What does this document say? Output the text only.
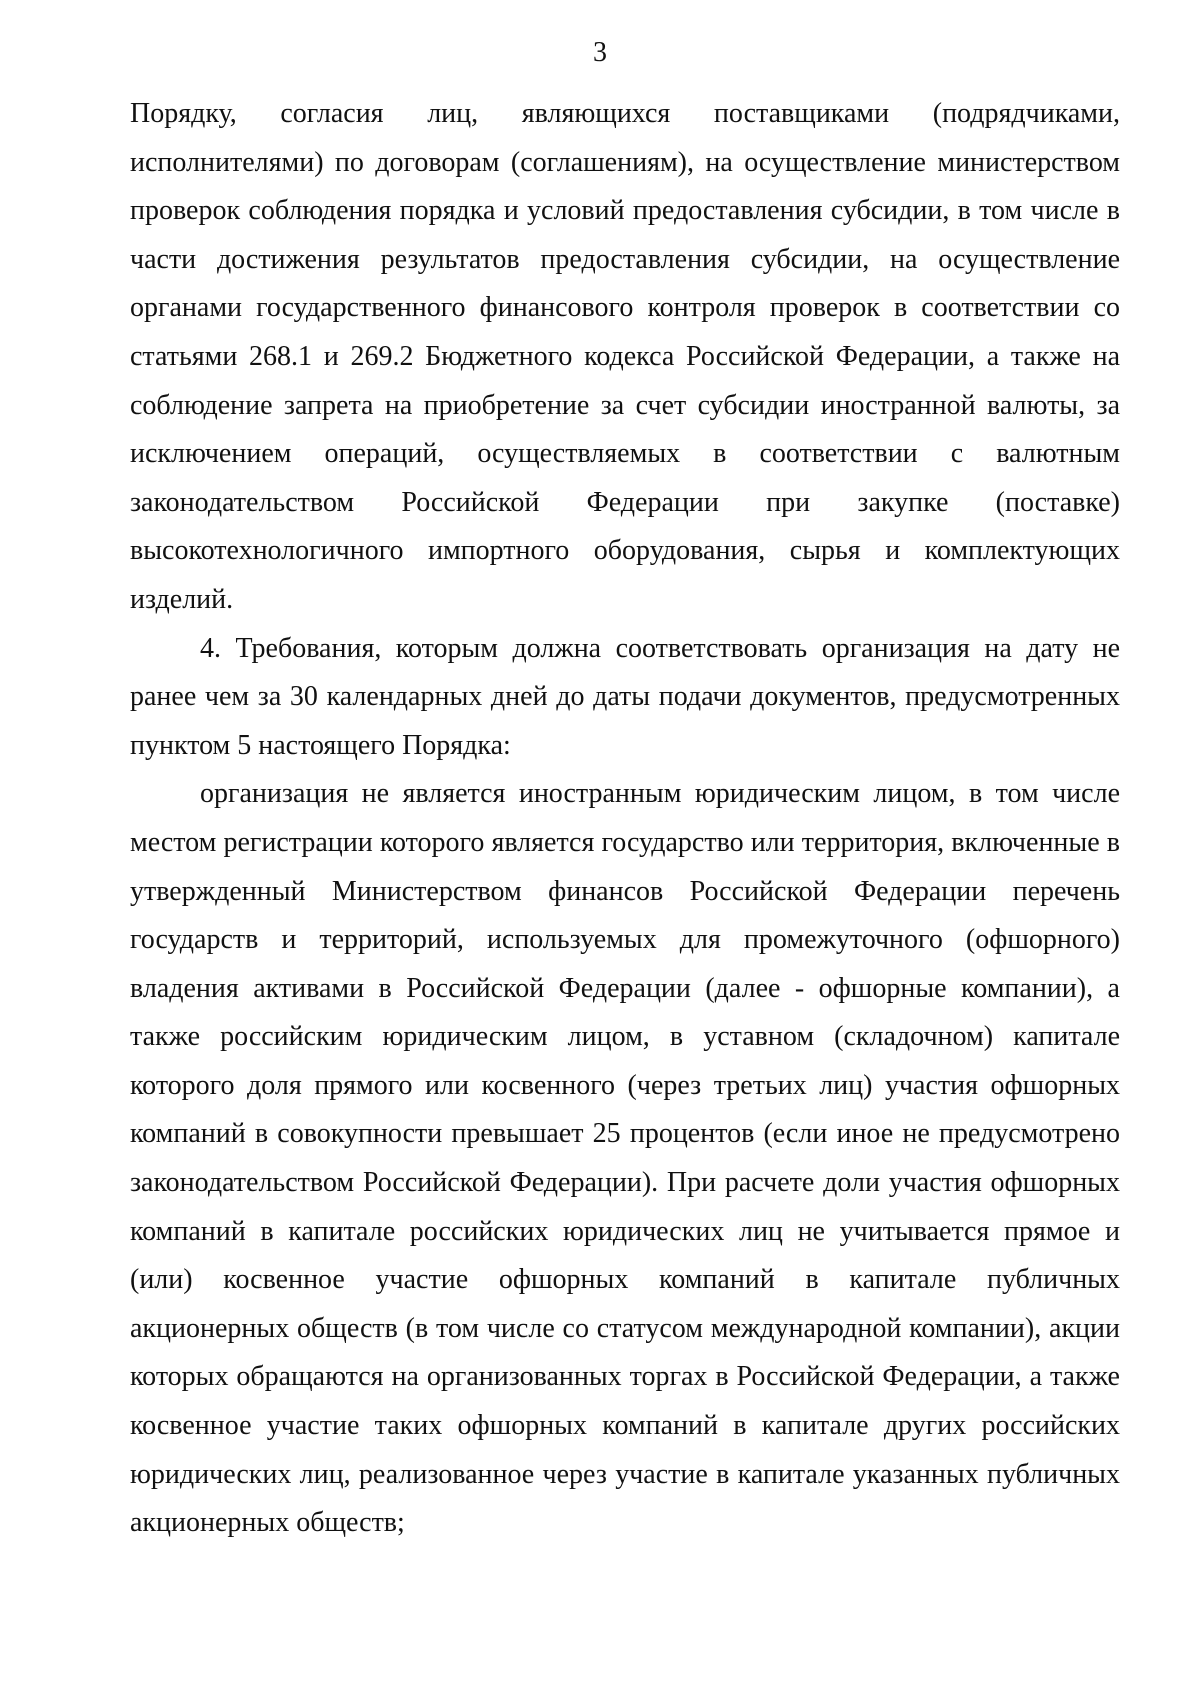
3

Порядку, согласия лиц, являющихся поставщиками (подрядчиками, исполнителями) по договорам (соглашениям), на осуществление министерством проверок соблюдения порядка и условий предоставления субсидии, в том числе в части достижения результатов предоставления субсидии, на осуществление органами государственного финансового контроля проверок в соответствии со статьями 268.1 и 269.2 Бюджетного кодекса Российской Федерации, а также на соблюдение запрета на приобретение за счет субсидии иностранной валюты, за исключением операций, осуществляемых в соответствии с валютным законодательством Российской Федерации при закупке (поставке) высокотехнологичного импортного оборудования, сырья и комплектующих изделий.

4. Требования, которым должна соответствовать организация на дату не ранее чем за 30 календарных дней до даты подачи документов, предусмотренных пунктом 5 настоящего Порядка:

организация не является иностранным юридическим лицом, в том числе местом регистрации которого является государство или территория, включенные в утвержденный Министерством финансов Российской Федерации перечень государств и территорий, используемых для промежуточного (офшорного) владения активами в Российской Федерации (далее - офшорные компании), а также российским юридическим лицом, в уставном (складочном) капитале которого доля прямого или косвенного (через третьих лиц) участия офшорных компаний в совокупности превышает 25 процентов (если иное не предусмотрено законодательством Российской Федерации). При расчете доли участия офшорных компаний в капитале российских юридических лиц не учитывается прямое и (или) косвенное участие офшорных компаний в капитале публичных акционерных обществ (в том числе со статусом международной компании), акции которых обращаются на организованных торгах в Российской Федерации, а также косвенное участие таких офшорных компаний в капитале других российских юридических лиц, реализованное через участие в капитале указанных публичных акционерных обществ;
